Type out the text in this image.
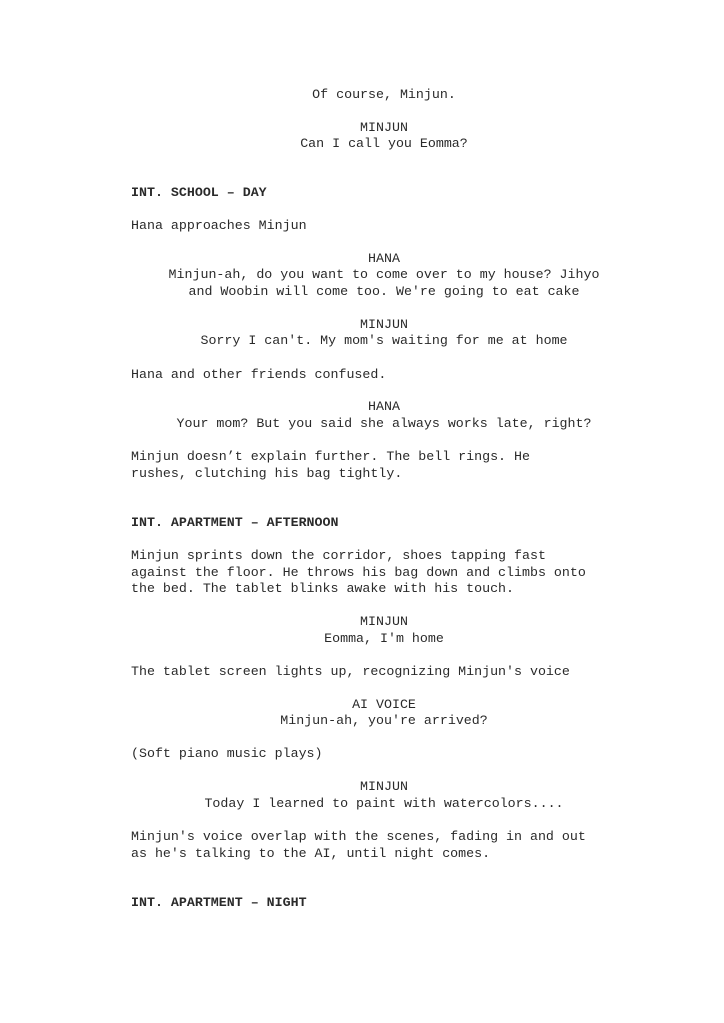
Of course, Minjun.

MINJUN

Can I call you Eomma?

INT. SCHOOL – DAY

Hana approaches Minjun

HANA

Minjun-ah, do you want to come over to my house? Jihyo

and Woobin will come too. We're going to eat cake

MINJUN

Sorry I can't. My mom's waiting for me at home

Hana and other friends confused.

HANA

Your mom? But you said she always works late, right?

Minjun doesn’t explain further. The bell rings. He

rushes, clutching his bag tightly.

INT. APARTMENT – AFTERNOON

Minjun sprints down the corridor, shoes tapping fast

against the floor. He throws his bag down and climbs onto

the bed. The tablet blinks awake with his touch.

MINJUN

Eomma, I'm home

The tablet screen lights up, recognizing Minjun's voice

AI VOICE

Minjun-ah, you're arrived?

(Soft piano music plays)

MINJUN

Today I learned to paint with watercolors....

Minjun's voice overlap with the scenes, fading in and out

as he's talking to the AI, until night comes.

INT. APARTMENT – NIGHT
